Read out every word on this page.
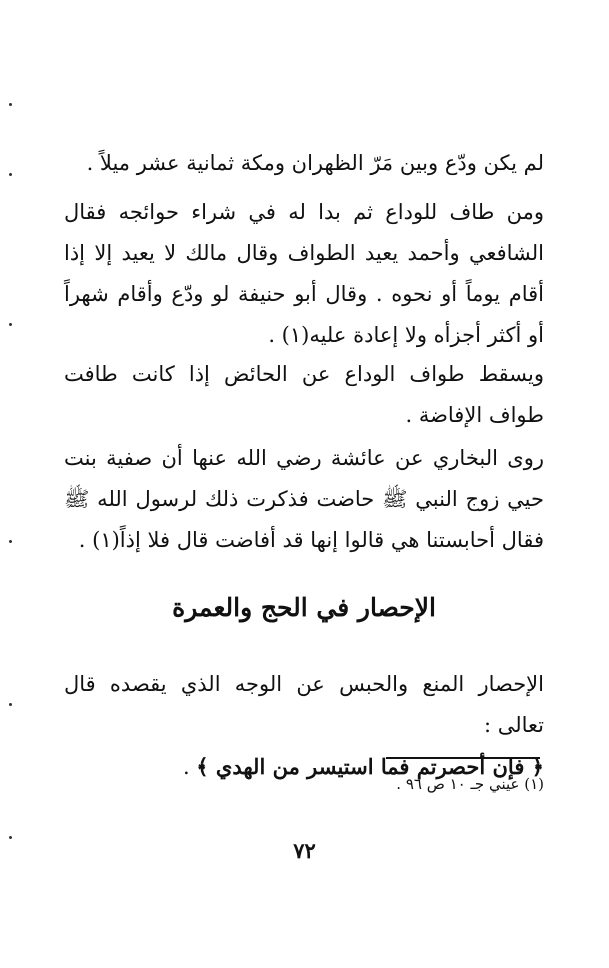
لم يكن ودّع وبين مَرّ الظهران ومكة ثمانية عشر ميلاً .

ومن طاف للوداع ثم بدا له في شراء حوائجه فقال الشافعي وأحمد يعيد الطواف وقال مالك لا يعيد إلا إذا أقام يوماً أو نحوه . وقال أبو حنيفة لو ودّع وأقام شهراً أو أكثر أجزأه ولا إعادة عليه(١) .

ويسقط طواف الوداع عن الحائض إذا كانت طافت طواف الإفاضة .

روى البخاري عن عائشة رضي الله عنها أن صفية بنت حيي زوج النبي ﷺ حاضت فذكرت ذلك لرسول الله ﷺ فقال أحابستنا هي قالوا إنها قد أفاضت قال فلا إذاً(١) .

الإحصار في الحج والعمرة

الإحصار المنع والحبس عن الوجه الذي يقصده قال تعالى :
﴿ فإن أحصرتم فما استيسر من الهدي ﴾ .

(١) عيني جـ ١٠ ص ٩٦ .

٧٢
